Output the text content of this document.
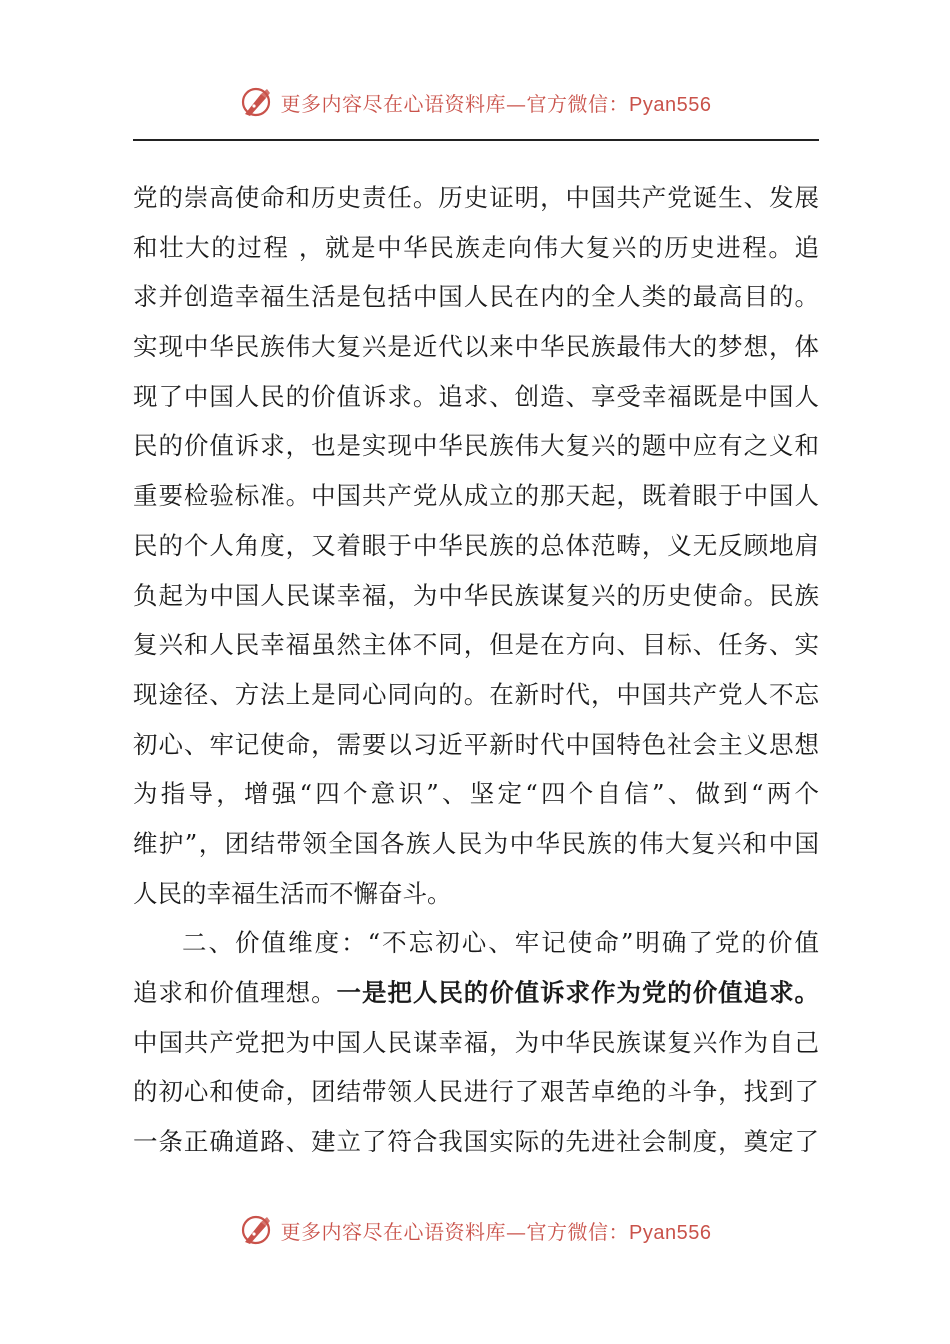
更多内容尽在心语资料库—官方微信：Pyan556
党的崇高使命和历史责任。历史证明，中国共产党诞生、发展
和壮大的过程 ，就是中华民族走向伟大复兴的历史进程。追
求并创造幸福生活是包括中国人民在内的全人类的最高目的。
实现中华民族伟大复兴是近代以来中华民族最伟大的梦想，体
现了中国人民的价值诉求。追求、创造、享受幸福既是中国人
民的价值诉求，也是实现中华民族伟大复兴的题中应有之义和
重要检验标准。中国共产党从成立的那天起，既着眼于中国人
民的个人角度，又着眼于中华民族的总体范畴，义无反顾地肩
负起为中国人民谋幸福，为中华民族谋复兴的历史使命。民族
复兴和人民幸福虽然主体不同，但是在方向、目标、任务、实
现途径、方法上是同心同向的。在新时代，中国共产党人不忘
初心、牢记使命，需要以习近平新时代中国特色社会主义思想
为指导，增强“四个意识”、坚定“四个自信”、做到“两个
维护”，团结带领全国各族人民为中华民族的伟大复兴和中国
人民的幸福生活而不懈奋斗。
二、价值维度：“不忘初心、牢记使命”明确了党的价值
追求和价值理想。一是把人民的价值诉求作为党的价值追求。
中国共产党把为中国人民谋幸福，为中华民族谋复兴作为自己
的初心和使命，团结带领人民进行了艰苦卓绝的斗争，找到了
一条正确道路、建立了符合我国实际的先进社会制度，奠定了
更多内容尽在心语资料库—官方微信：Pyan556
